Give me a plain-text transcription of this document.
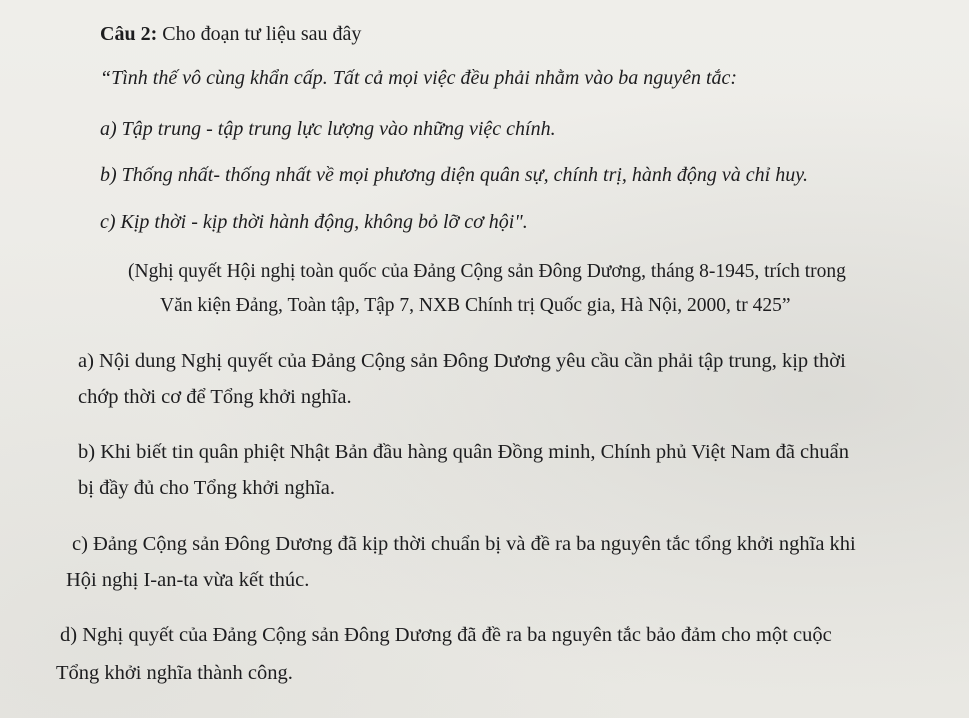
Câu 2: Cho đoạn tư liệu sau đây
“Tình thế vô cùng khẩn cấp. Tất cả mọi việc đều phải nhằm vào ba nguyên tắc:
a) Tập trung - tập trung lực lượng vào những việc chính.
b) Thống nhất- thống nhất về mọi phương diện quân sự, chính trị, hành động và chỉ huy.
c) Kịp thời - kịp thời hành động, không bỏ lỡ cơ hội".
(Nghị quyết Hội nghị toàn quốc của Đảng Cộng sản Đông Dương, tháng 8-1945, trích trong
Văn kiện Đảng, Toàn tập, Tập 7, NXB Chính trị Quốc gia, Hà Nội, 2000, tr 425”
a) Nội dung Nghị quyết của Đảng Cộng sản Đông Dương yêu cầu cần phải tập trung, kịp thời
chớp thời cơ để Tổng khởi nghĩa.
b) Khi biết tin quân phiệt Nhật Bản đầu hàng quân Đồng minh, Chính phủ Việt Nam đã chuẩn
bị đầy đủ cho Tổng khởi nghĩa.
c) Đảng Cộng sản Đông Dương đã kịp thời chuẩn bị và đề ra ba nguyên tắc tổng khởi nghĩa khi
Hội nghị I-an-ta vừa kết thúc.
d) Nghị quyết của Đảng Cộng sản Đông Dương đã đề ra ba nguyên tắc bảo đảm cho một cuộc
Tổng khởi nghĩa thành công.
